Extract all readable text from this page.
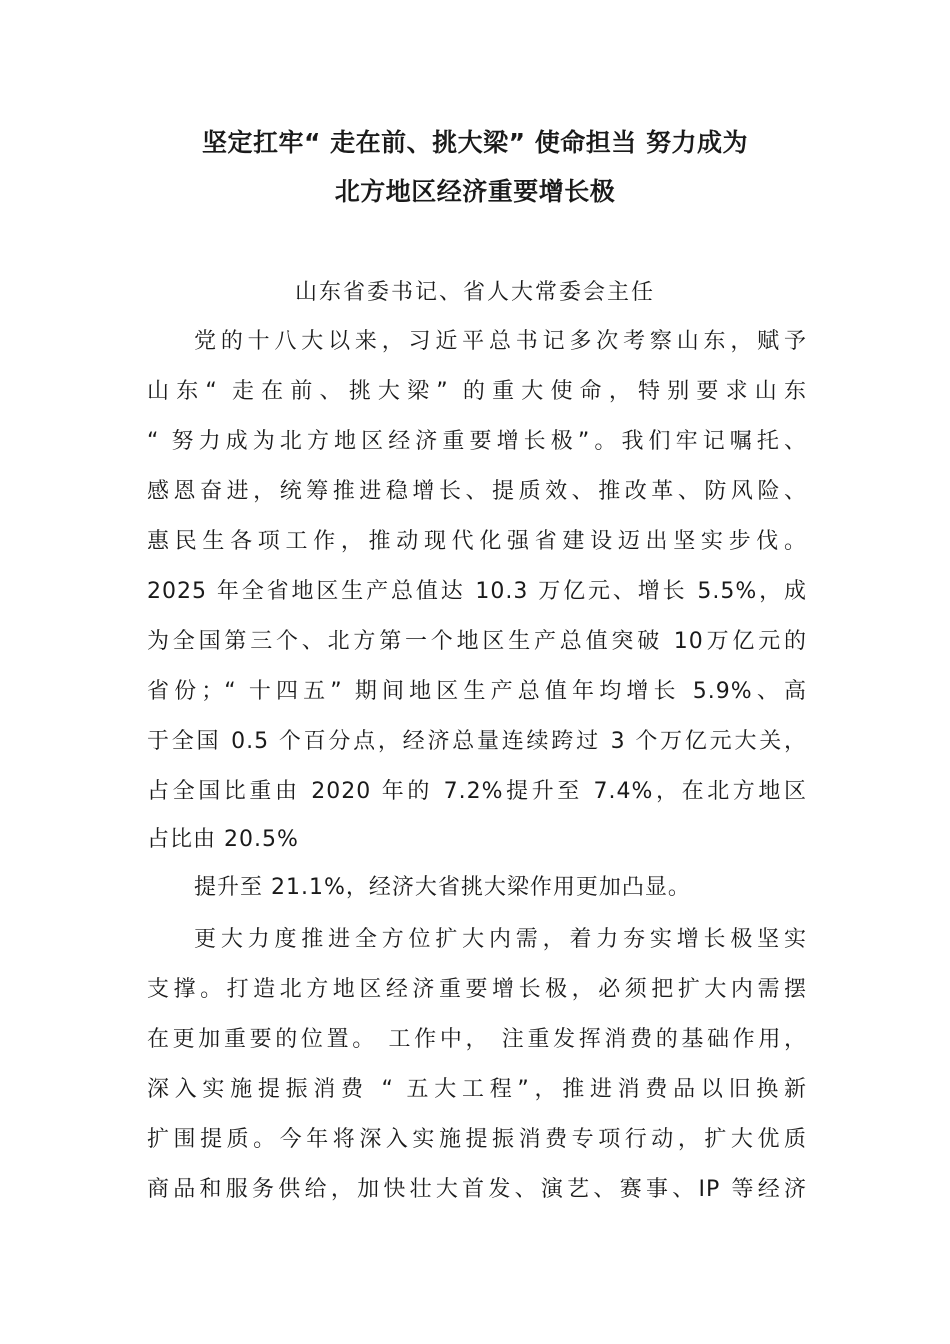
坚定扛牢“ 走在前、挑大梁” 使命担当 努力成为
北方地区经济重要增长极
山东省委书记、省人大常委会主任
党的十八大以来，习近平总书记多次考察山东，赋予
山东“ 走在前、挑大梁” 的重大使命，特别要求山东
“ 努力成为北方地区经济重要增长极”。我们牢记嘱托、
感恩奋进，统筹推进稳增长、提质效、推改革、防风险、
惠民生各项工作，推动现代化强省建设迈出坚实步伐。
2025 年全省地区生产总值达 10.3 万亿元、增长 5.5%，成
为全国第三个、北方第一个地区生产总值突破 10万亿元的
省份；“ 十四五” 期间地区生产总值年均增长 5.9%、高
于全国 0.5 个百分点，经济总量连续跨过 3 个万亿元大关，
占全国比重由 2020 年的 7.2%提升至 7.4%，在北方地区
占比由 20.5%
提升至 21.1%，经济大省挑大梁作用更加凸显。
更大力度推进全方位扩大内需，着力夯实增长极坚实
支撑。打造北方地区经济重要增长极，必须把扩大内需摆
在更加重要的位置。 工作中， 注重发挥消费的基础作用，
深入实施提振消费 “ 五大工程”，推进消费品以旧换新
扩围提质。今年将深入实施提振消费专项行动，扩大优质
商品和服务供给，加快壮大首发、演艺、赛事、IP 等经济
